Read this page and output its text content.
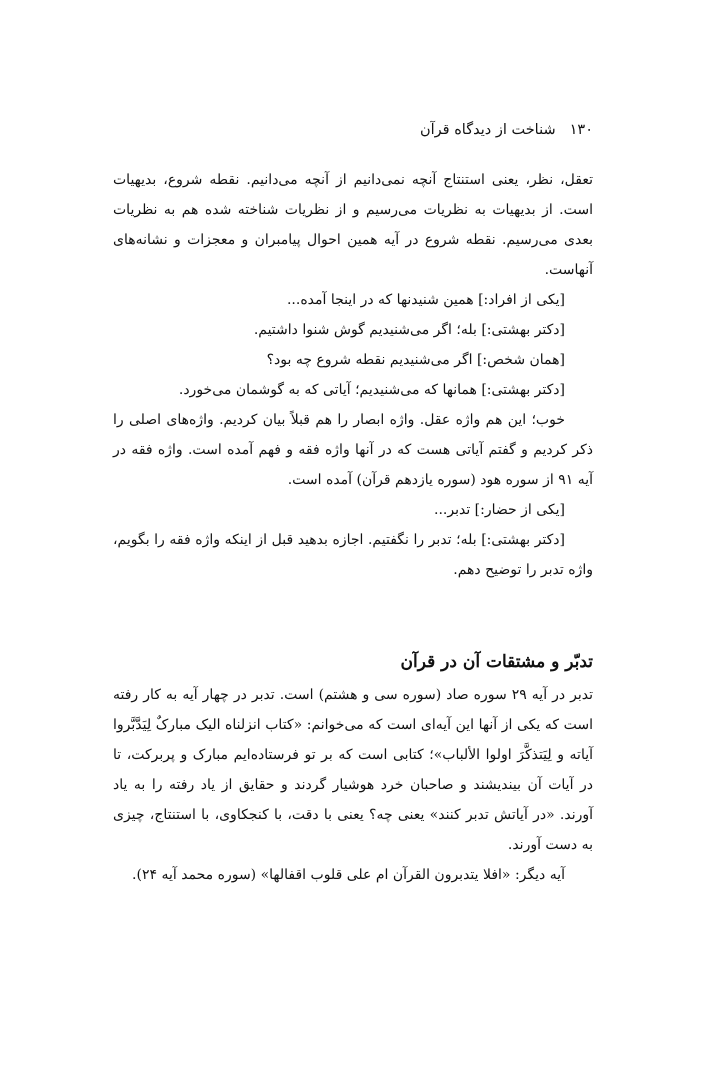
۱۳۰شناخت از دیدگاه قرآن

تعقل، نظر، یعنی استنتاج آنچه نمی‌دانیم از آنچه می‌دانیم. نقطه شروع، بدیهیات است. از بدیهیات به نظریات می‌رسیم و از نظریات شناخته شده هم به نظریات بعدی می‌رسیم. نقطه شروع در آیه همین احوال پیامبران و معجزات و نشانه‌های آنهاست.

[یکی از افراد:] همین شنیدنها که در اینجا آمده...

[دکتر بهشتی:] بله؛ اگر می‌شنیدیم گوش شنوا داشتیم.

[همان شخص:] اگر می‌شنیدیم نقطه شروع چه بود؟

[دکتر بهشتی:] همانها که می‌شنیدیم؛ آیاتی که به گوشمان می‌خورد.

خوب؛ این هم واژه عقل. واژه ابصار را هم قبلاً بیان کردیم. واژه‌های اصلی را ذکر کردیم و گفتم آیاتی هست که در آنها واژه فقه و فهم آمده است. واژه فقه در آیه ۹۱ از سوره هود (سوره یازدهم قرآن) آمده است.

[یکی از حضار:] تدبر...

[دکتر بهشتی:] بله؛ تدبر را نگفتیم. اجازه بدهید قبل از اینکه واژه فقه را بگویم، واژه تدبر را توضیح دهم.

تدبّر و مشتقات آن در قرآن

تدبر در آیه ۲۹ سوره صاد (سوره سی و هشتم) است. تدبر در چهار آیه به کار رفته است که یکی از آنها این آیه‌ای است که می‌خوانم: «کتاب انزلناه الیک مبارکٌ لِیَدَّبَّروا آیاته و لِیَتذکَّرَ اولوا الألباب»؛ کتابی است که بر تو فرستاده‌ایم مبارک و پربرکت، تا در آیات آن بیندیشند و صاحبان خرد هوشیار گردند و حقایق از یاد رفته را به یاد آورند. «در آیاتش تدبر کنند» یعنی چه؟ یعنی با دقت، با کنجکاوی، با استنتاج، چیزی به دست آورند.

آیه دیگر: «افلا یتدبرون القرآن ام علی قلوب اقفالها» (سوره محمد آیه ۲۴).
